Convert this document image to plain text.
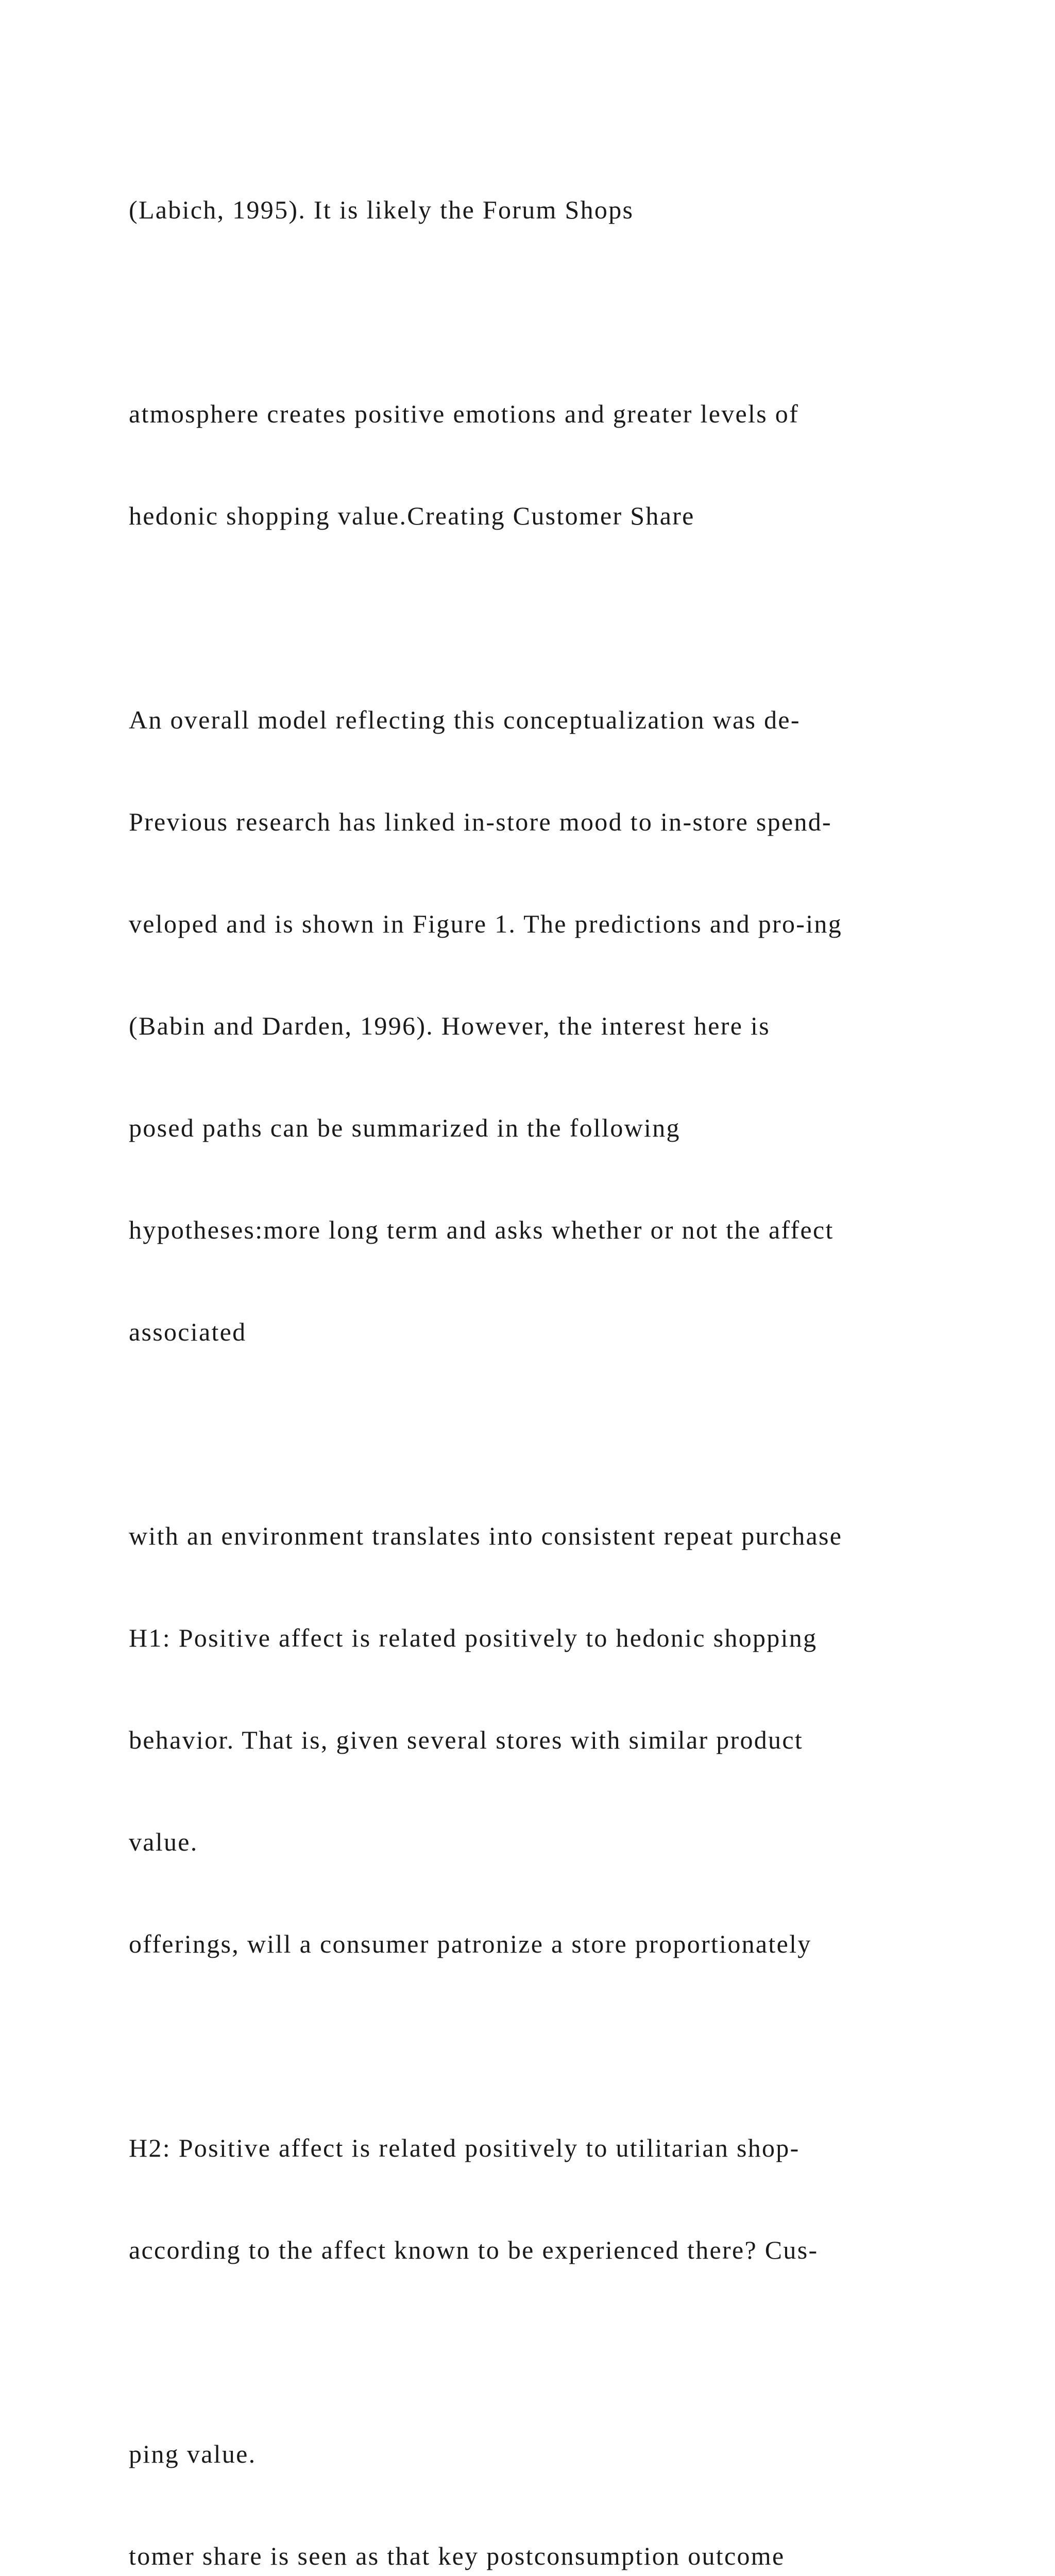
(Labich, 1995). It is likely the Forum Shops

atmosphere creates positive emotions and greater levels of

hedonic shopping value.Creating Customer Share

An overall model reflecting this conceptualization was de-

Previous research has linked in-store mood to in-store spend-

veloped and is shown in Figure 1. The predictions and pro-ing

(Babin and Darden, 1996). However, the interest here is

posed paths can be summarized in the following

hypotheses:more long term and asks whether or not the affect

associated

with an environment translates into consistent repeat purchase

H1: Positive affect is related positively to hedonic shopping

behavior. That is, given several stores with similar product

value.

offerings, will a consumer patronize a store proportionately

H2: Positive affect is related positively to utilitarian shop-

according to the affect known to be experienced there? Cus-

ping value.

tomer share is seen as that key postconsumption outcome
